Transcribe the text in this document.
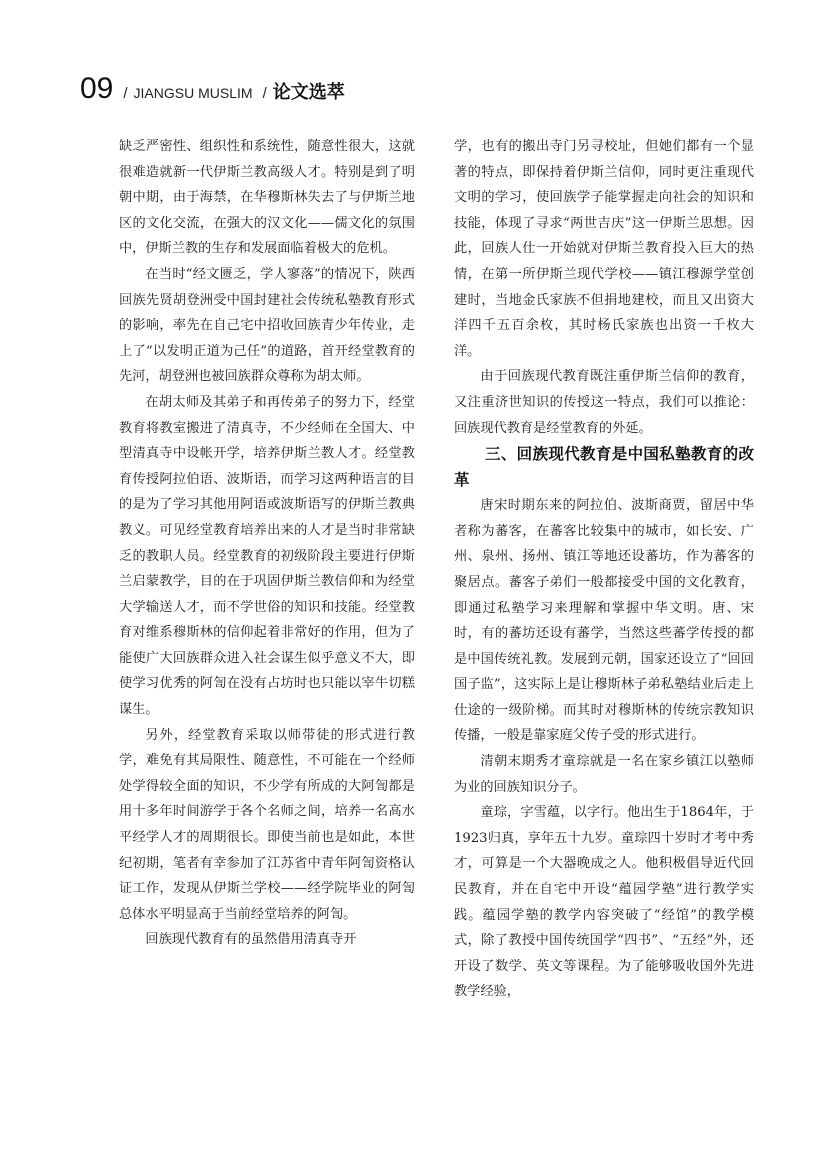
09 / JIANGSU MUSLIM / 论文选萃

缺乏严密性、组织性和系统性，随意性很大，这就很难造就新一代伊斯兰教高级人才。特别是到了明朝中期，由于海禁，在华穆斯林失去了与伊斯兰地区的文化交流，在强大的汉文化——儒文化的氛围中，伊斯兰教的生存和发展面临着极大的危机。

在当时“经文匮乏，学人寥落”的情况下，陕西回族先贤胡登洲受中国封建社会传统私塾教育形式的影响，率先在自己宅中招收回族青少年传业，走上了“以发明正道为己任”的道路，首开经堂教育的先河，胡登洲也被回族群众尊称为胡太师。

在胡太师及其弟子和再传弟子的努力下，经堂教育将教室搬进了清真寺，不少经师在全国大、中型清真寺中设帐开学，培养伊斯兰教人才。经堂教育传授阿拉伯语、波斯语，而学习这两种语言的目的是为了学习其他用阿语或波斯语写的伊斯兰教典教义。可见经堂教育培养出来的人才是当时非常缺乏的教职人员。经堂教育的初级阶段主要进行伊斯兰启蒙教学，目的在于巩固伊斯兰教信仰和为经堂大学输送人才，而不学世俗的知识和技能。经堂教育对维系穆斯林的信仰起着非常好的作用，但为了能使广大回族群众进入社会谋生似乎意义不大，即使学习优秀的阿訇在没有占坊时也只能以宰牛切糕谋生。

另外，经堂教育采取以师带徒的形式进行教学，难免有其局限性、随意性，不可能在一个经师处学得较全面的知识，不少学有所成的大阿訇都是用十多年时间游学于各个名师之间，培养一名高水平经学人才的周期很长。即使当前也是如此，本世纪初期，笔者有幸参加了江苏省中青年阿訇资格认证工作，发现从伊斯兰学校——经学院毕业的阿訇总体水平明显高于当前经堂培养的阿訇。

回族现代教育有的虽然借用清真寺开

学，也有的搬出寺门另寻校址，但她们都有一个显著的特点，即保持着伊斯兰信仰，同时更注重现代文明的学习，使回族学子能掌握走向社会的知识和技能，体现了寻求“两世吉庆”这一伊斯兰思想。因此，回族人仕一开始就对伊斯兰教育投入巨大的热情，在第一所伊斯兰现代学校——镇江穆源学堂创建时，当地金氏家族不但捐地建校，而且又出资大洋四千五百余枚，其时杨氏家族也出资一千枚大洋。

由于回族现代教育既注重伊斯兰信仰的教育，又注重济世知识的传授这一特点，我们可以推论：回族现代教育是经堂教育的外延。

三、回族现代教育是中国私塾教育的改革

唐宋时期东来的阿拉伯、波斯商贾，留居中华者称为蕃客，在蕃客比较集中的城市，如长安、广州、泉州、扬州、镇江等地还设蕃坊，作为蕃客的聚居点。蕃客子弟们一般都接受中国的文化教育，即通过私塾学习来理解和掌握中华文明。唐、宋时，有的蕃坊还设有蕃学，当然这些蕃学传授的都是中国传统礼教。发展到元朝，国家还设立了“回回国子监”，这实际上是让穆斯林子弟私塾结业后走上仕途的一级阶梯。而其时对穆斯林的传统宗教知识传播，一般是靠家庭父传子受的形式进行。

清朝末期秀才童琮就是一名在家乡镇江以塾师为业的回族知识分子。

童琮，字雪蕴，以字行。他出生于1864年，于1923归真，享年五十九岁。童琮四十岁时才考中秀才，可算是一个大器晚成之人。他积极倡导近代回民教育，并在自宅中开设“蕴园学塾”进行教学实践。蕴园学塾的教学内容突破了“经馆”的教学模式，除了教授中国传统国学“四书”、“五经”外，还开设了数学、英文等课程。为了能够吸收国外先进教学经验，
